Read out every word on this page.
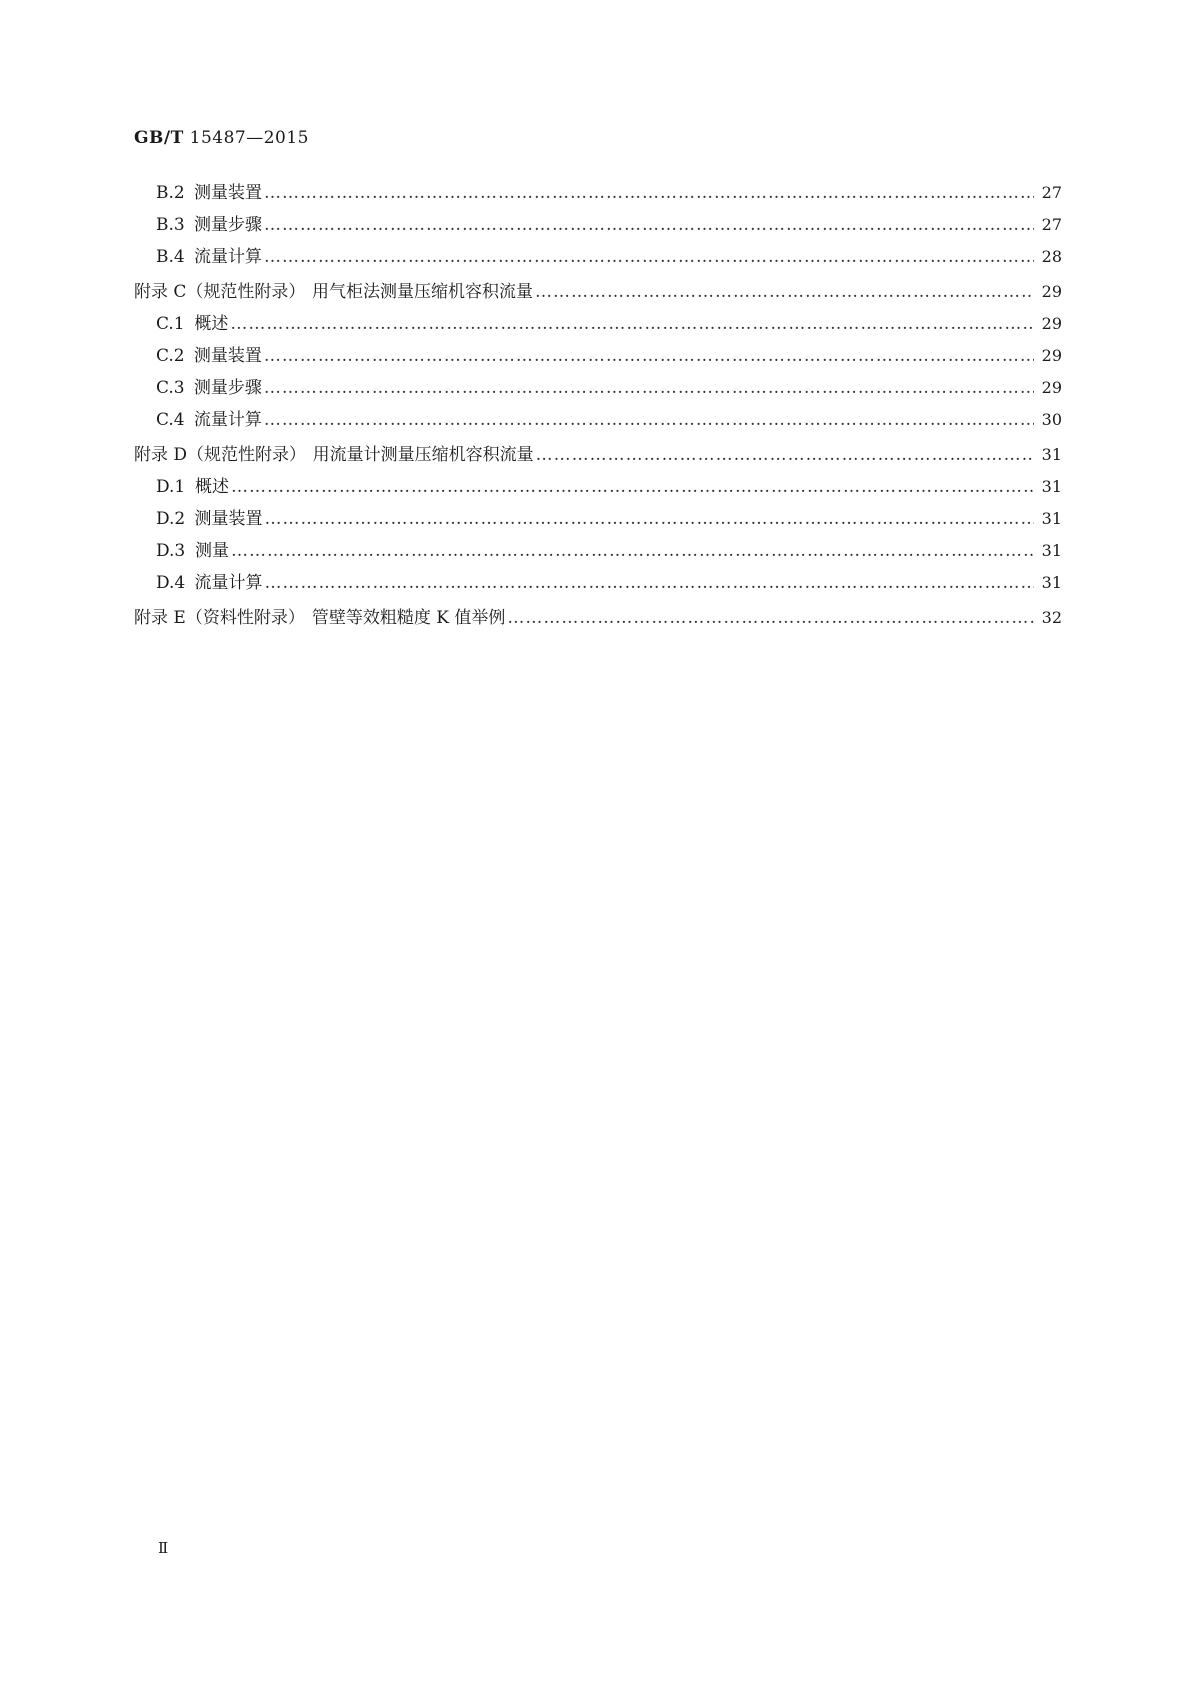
GB/T 15487—2015
B.2 测量装置 ……………………………………………………………………………………………………………………………………………………………………………………………………………………………………………………	27
B.3 测量步骤 ……………………………………………………………………………………………………………………………………………………………………………………………………………………………………………………	27
B.4 流量计算 ……………………………………………………………………………………………………………………………………………………………………………………………………………………………………………………	28
附录 C（规范性附录） 用气柜法测量压缩机容积流量 ……………………………………………………………………………………………………………………………………………………………………………………………………………………………………………………	29
C.1 概述 ……………………………………………………………………………………………………………………………………………………………………………………………………………………………………………………	29
C.2 测量装置 ……………………………………………………………………………………………………………………………………………………………………………………………………………………………………………………	29
C.3 测量步骤 ……………………………………………………………………………………………………………………………………………………………………………………………………………………………………………………	29
C.4 流量计算 ……………………………………………………………………………………………………………………………………………………………………………………………………………………………………………………	30
附录 D（规范性附录） 用流量计测量压缩机容积流量 ……………………………………………………………………………………………………………………………………………………………………………………………………………………………………………………	31
D.1 概述 ……………………………………………………………………………………………………………………………………………………………………………………………………………………………………………………	31
D.2 测量装置 ……………………………………………………………………………………………………………………………………………………………………………………………………………………………………………………	31
D.3 测量 ……………………………………………………………………………………………………………………………………………………………………………………………………………………………………………………	31
D.4 流量计算 ……………………………………………………………………………………………………………………………………………………………………………………………………………………………………………………	31
附录 E（资料性附录） 管壁等效粗糙度 K 值举例 ……………………………………………………………………………………………………………………………………………………………………………………………………………………………………………………	32
Ⅱ
